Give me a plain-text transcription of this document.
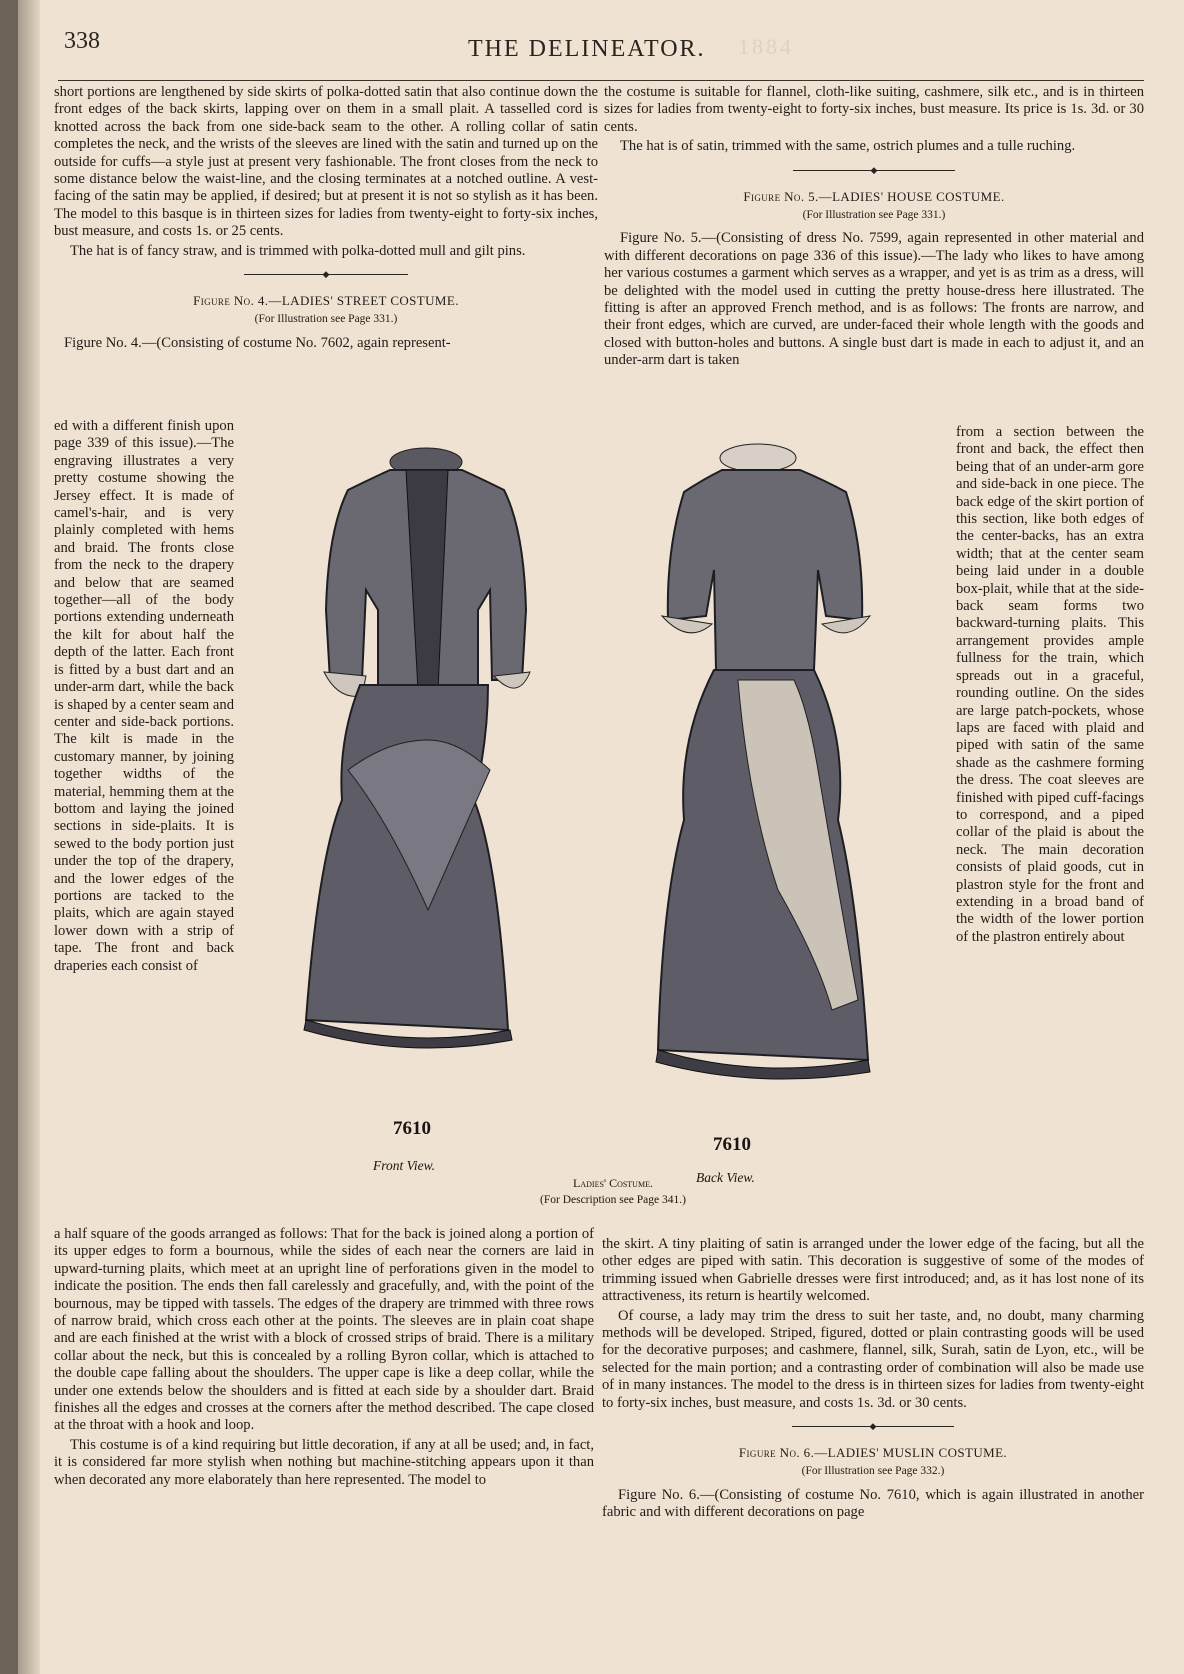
338	THE DELINEATOR. 1884

short portions are lengthened by side skirts of polka-dotted satin that also continue down the front edges of the back skirts, lapping over on them in a small plait. A tasselled cord is knotted across the back from one side-back seam to the other. A rolling collar of satin completes the neck, and the wrists of the sleeves are lined with the satin and turned up on the outside for cuffs—a style just at present very fashionable. The front closes from the neck to some distance below the waist-line, and the closing terminates at a notched outline. A vest-facing of the satin may be applied, if desired; but at present it is not so stylish as it has been. The model to this basque is in thirteen sizes for ladies from twenty-eight to forty-six inches, bust measure, and costs 1s. or 25 cents.

The hat is of fancy straw, and is trimmed with polka-dotted mull and gilt pins.

◆
Figure No. 4.—LADIES' STREET COSTUME.
(For Illustration see Page 331.)

Figure No. 4.—(Consisting of costume No. 7602, again represent-

the costume is suitable for flannel, cloth-like suiting, cashmere, silk etc., and is in thirteen sizes for ladies from twenty-eight to forty-six inches, bust measure. Its price is 1s. 3d. or 30 cents.

The hat is of satin, trimmed with the same, ostrich plumes and a tulle ruching.

◆
Figure No. 5.—LADIES' HOUSE COSTUME.
(For Illustration see Page 331.)

Figure No. 5.—(Consisting of dress No. 7599, again represented in other material and with different decorations on page 336 of this issue).—The lady who likes to have among her various costumes a garment which serves as a wrapper, and yet is as trim as a dress, will be delighted with the model used in cutting the pretty house-dress here illustrated. The fitting is after an approved French method, and is as follows: The fronts are narrow, and their front edges, which are curved, are under-faced their whole length with the goods and closed with button-holes and buttons. A single bust dart is made in each to adjust it, and an under-arm dart is taken

ed with a different finish upon page 339 of this issue).—The engraving illustrates a very pretty costume showing the Jersey effect. It is made of camel's-hair, and is very plainly completed with hems and braid. The fronts close from the neck to the drapery and below that are seamed together—all of the body portions extending underneath the kilt for about half the depth of the latter. Each front is fitted by a bust dart and an under-arm dart, while the back is shaped by a center seam and center and side-back portions. The kilt is made in the customary manner, by joining together widths of the material, hemming them at the bottom and laying the joined sections in side-plaits. It is sewed to the body portion just under the top of the drapery, and the lower edges of the portions are tacked to the plaits, which are again stayed lower down with a strip of tape. The front and back draperies each consist of

from a section between the front and back, the effect then being that of an under-arm gore and side-back in one piece. The back edge of the skirt portion of this section, like both edges of the center-backs, has an extra width; that at the center seam being laid under in a double box-plait, while that at the side-back seam forms two backward-turning plaits. This arrangement provides ample fullness for the train, which spreads out in a graceful, rounding outline. On the sides are large patch-pockets, whose laps are faced with plaid and piped with satin of the same shade as the cashmere forming the dress. The coat sleeves are finished with piped cuff-facings to correspond, and a piped collar of the plaid is about the neck. The main decoration consists of plaid goods, cut in plastron style for the front and extending in a broad band of the width of the lower portion of the plastron entirely about

7610
Front View.
7610
Back View.
Ladies' Costume.
(For Description see Page 341.)

a half square of the goods arranged as follows: That for the back is joined along a portion of its upper edges to form a bournous, while the sides of each near the corners are laid in upward-turning plaits, which meet at an upright line of perforations given in the model to indicate the position. The ends then fall carelessly and gracefully, and, with the point of the bournous, may be tipped with tassels. The edges of the drapery are trimmed with three rows of narrow braid, which cross each other at the points. The sleeves are in plain coat shape and are each finished at the wrist with a block of crossed strips of braid. There is a military collar about the neck, but this is concealed by a rolling Byron collar, which is attached to the double cape falling about the shoulders. The upper cape is like a deep collar, while the under one extends below the shoulders and is fitted at each side by a shoulder dart. Braid finishes all the edges and crosses at the corners after the method described. The cape closed at the throat with a hook and loop.

This costume is of a kind requiring but little decoration, if any at all be used; and, in fact, it is considered far more stylish when nothing but machine-stitching appears upon it than when decorated any more elaborately than here represented. The model to

the skirt. A tiny plaiting of satin is arranged under the lower edge of the facing, but all the other edges are piped with satin. This decoration is suggestive of some of the modes of trimming issued when Gabrielle dresses were first introduced; and, as it has lost none of its attractiveness, its return is heartily welcomed.

Of course, a lady may trim the dress to suit her taste, and, no doubt, many charming methods will be developed. Striped, figured, dotted or plain contrasting goods will be used for the decorative purposes; and cashmere, flannel, silk, Surah, satin de Lyon, etc., will be selected for the main portion; and a contrasting order of combination will also be made use of in many instances. The model to the dress is in thirteen sizes for ladies from twenty-eight to forty-six inches, bust measure, and costs 1s. 3d. or 30 cents.

◆
Figure No. 6.—LADIES' MUSLIN COSTUME.
(For Illustration see Page 332.)

Figure No. 6.—(Consisting of costume No. 7610, which is again illustrated in another fabric and with different decorations on page
